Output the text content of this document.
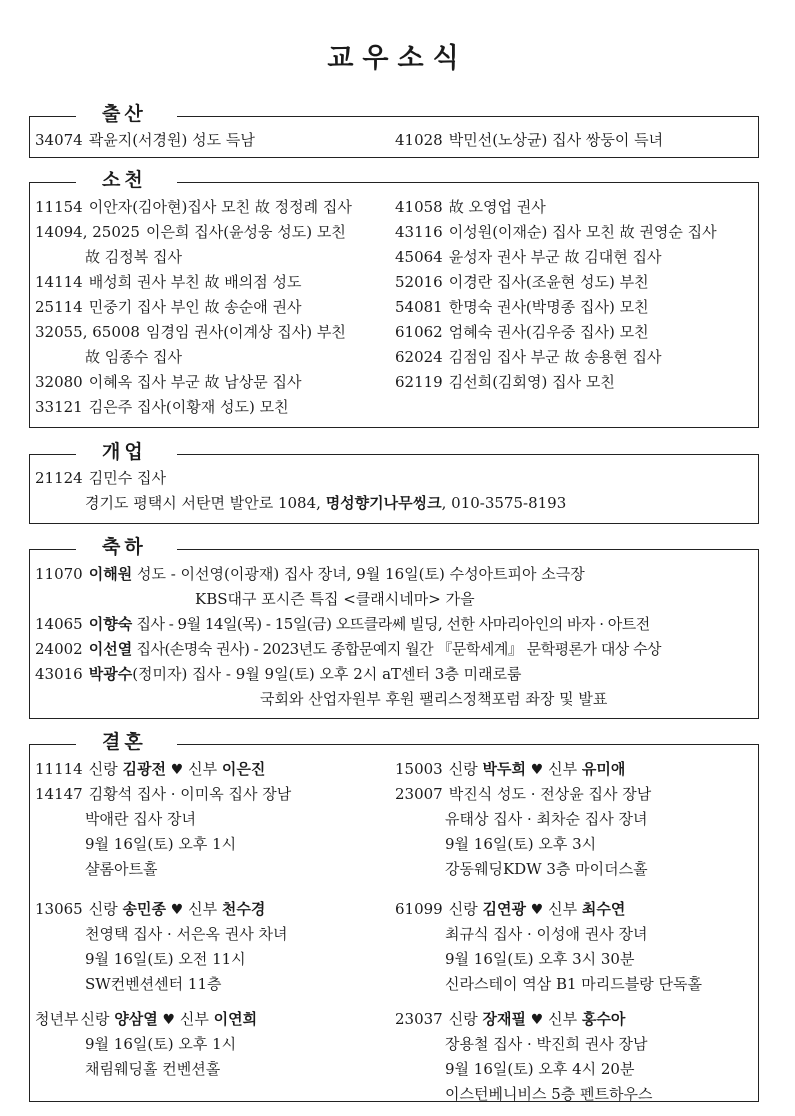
교우소식
출산
34074 곽윤지(서경원) 성도 득남	41028 박민선(노상균) 집사 쌍둥이 득녀
소천
11154 이안자(김아현)집사 모친 故 정정례 집사
14094, 25025 이은희 집사(윤성웅 성도) 모친
故 김정복 집사
14114 배성희 권사 부친 故 배의점 성도
25114 민중기 집사 부인 故 송순애 권사
32055, 65008 임경임 권사(이계상 집사) 부친
故 임종수 집사
32080 이혜옥 집사 부군 故 남상문 집사
33121 김은주 집사(이황재 성도) 모친
41058 故 오영업 권사
43116 이성원(이재순) 집사 모친 故 권영순 집사
45064 윤성자 권사 부군 故 김대현 집사
52016 이경란 집사(조윤현 성도) 부친
54081 한명숙 권사(박명종 집사) 모친
61062 엄혜숙 권사(김우중 집사) 모친
62024 김점임 집사 부군 故 송용현 집사
62119 김선희(김회영) 집사 모친
개업
21124 김민수 집사
경기도 평택시 서탄면 발안로 1084, 명성향기나무씽크, 010-3575-8193
축하
11070 이해원 성도 - 이선영(이광재) 집사 장녀, 9월 16일(토) 수성아트피아 소극장
KBS대구 포시즌 특집 <클래시네마> 가을
14065 이향숙 집사 - 9월 14일(목) - 15일(금) 오뜨클라쎄 빌딩, 선한 사마리아인의 바자 · 아트전
24002 이선열 집사(손명숙 권사) - 2023년도 종합문예지 월간 『문학세계』 문학평론가 대상 수상
43016 박광수(정미자) 집사 - 9월 9일(토) 오후 2시 aT센터 3층 미래로룸
국회와 산업자원부 후원 팰리스정책포럼 좌장 및 발표
결혼
11114 신랑 김광전 ♥ 신부 이은진
14147 김황석 집사 · 이미옥 집사 장남
박애란 집사 장녀
9월 16일(토) 오후 1시
샬롬아트홀
15003 신랑 박두희 ♥ 신부 유미애
23007 박진식 성도 · 전상윤 집사 장남
유태상 집사 · 최차순 집사 장녀
9월 16일(토) 오후 3시
강동웨딩KDW 3층 마이더스홀
13065 신랑 송민종 ♥ 신부 천수경
천영택 집사 · 서은옥 권사 차녀
9월 16일(토) 오전 11시
SW컨벤션센터 11층
61099 신랑 김연광 ♥ 신부 최수연
최규식 집사 · 이성애 권사 장녀
9월 16일(토) 오후 3시 30분
신라스테이 역삼 B1 마리드블랑 단독홀
청년부 신랑 양삼열 ♥ 신부 이연희
9월 16일(토) 오후 1시
채림웨딩홀 컨벤션홀
23037 신랑 장재필 ♥ 신부 홍수아
장용철 집사 · 박진희 권사 장남
9월 16일(토) 오후 4시 20분
이스턴베니비스 5층 펜트하우스
